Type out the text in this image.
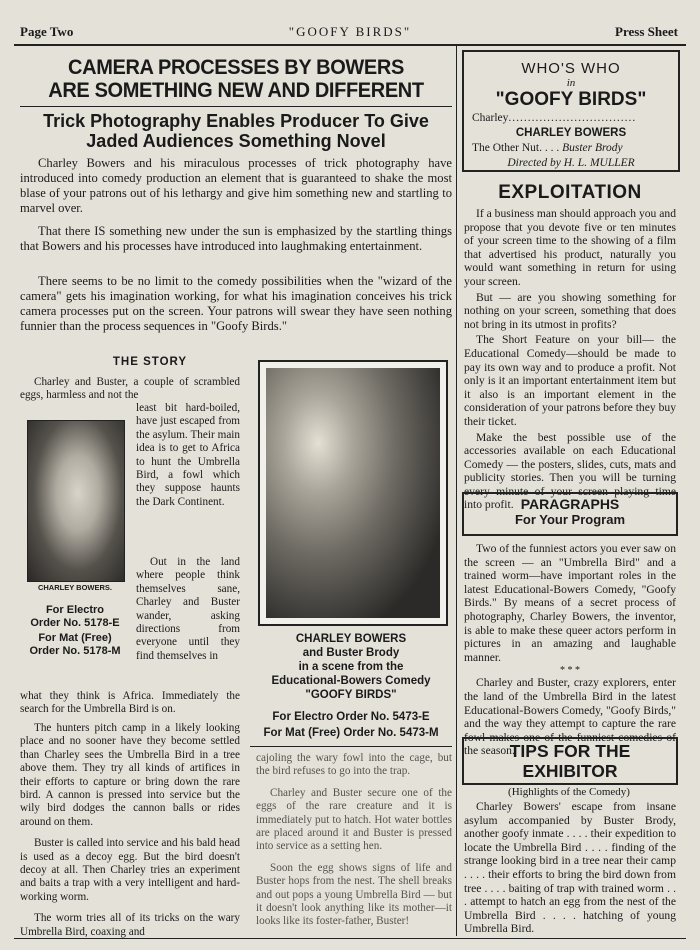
"GOOFY BIRDS"
Page Two	Press Sheet
CAMERA PROCESSES BY BOWERS
ARE SOMETHING NEW AND DIFFERENT
Trick Photography Enables Producer To Give
Jaded Audiences Something Novel
Charley Bowers and his miraculous processes of trick photography have introduced into comedy production an element that is guaranteed to shake the most blase of your patrons out of his lethargy and give him something new and startling to marvel over.
That there IS something new under the sun is emphasized by the startling things that Bowers and his processes have introduced into laughmaking entertainment.
There seems to be no limit to the comedy possibilities when the "wizard of the camera" gets his imagination working, for what his imagination conceives his trick camera processes put on the screen. Your patrons will swear they have seen nothing funnier than the process sequences in "Goofy Birds."
THE STORY
Charley and Buster, a couple of scrambled eggs, harmless and not the
CHARLEY BOWERS.
For Electro
Order No. 5178-E
For Mat (Free)
Order No. 5178-M
least bit hard-boiled, have just escaped from the asylum. Their main idea is to get to Africa to hunt the Umbrella Bird, a fowl which they suppose haunts the Dark Continent.
Out in the land where people think themselves sane, Charley and Buster wander, asking directions from everyone until they find themselves in
what they think is Africa. Immediately the search for the Umbrella Bird is on.

The hunters pitch camp in a likely looking place and no sooner have they become settled than Charley sees the Umbrella Bird in a tree above them. They try all kinds of artifices in their efforts to capture or bring down the rare bird. A cannon is pressed into service but the wily bird dodges the cannon balls or rides around on them.

Buster is called into service and his bald head is used as a decoy egg. But the bird doesn't decoy at all. Then Charley tries an experiment and baits a trap with a very intelligent and hard-working worm.

The worm tries all of its tricks on the wary Umbrella Bird, coaxing and

CHARLEY BOWERS
and Buster Brody
in a scene from the
Educational-Bowers Comedy
"GOOFY BIRDS"
For Electro Order No. 5473-E
For Mat (Free) Order No. 5473-M

cajoling the wary fowl into the cage, but the bird refuses to go into the trap.

Charley and Buster secure one of the eggs of the rare creature and it is immediately put to hatch. Hot water bottles are placed around it and Buster is pressed into service as a setting hen.

Soon the egg shows signs of life and Buster hops from the nest. The shell breaks and out pops a young Umbrella Bird — but it doesn't look anything like its mother—it looks like its foster-father, Buster!

WHO'S WHO
in
"GOOFY BIRDS"
Charley.................................
CHARLEY BOWERS
The Other Nut. . . . Buster Brody
Directed by H. L. MULLER
EXPLOITATION

If a business man should approach you and propose that you devote five or ten minutes of your screen time to the showing of a film that advertised his product, naturally you would want something in return for using your screen.

But — are you showing something for nothing on your screen, something that does not bring in its utmost in profits?

The Short Feature on your bill— the Educational Comedy—should be made to pay its own way and to produce a profit. Not only is it an important entertainment item but it also is an important element in the consideration of your patrons before they buy their ticket.

Make the best possible use of the accessories available on each Educational Comedy — the posters, slides, cuts, mats and publicity stories. Then you will be turning every minute of your screen playing time into profit. PARAGRAPHS
For Your Program

Two of the funniest actors you ever saw on the screen — an "Umbrella Bird" and a trained worm—have important roles in the latest Educational-Bowers Comedy, "Goofy Birds." By means of a secret process of photography, Charley Bowers, the inventor, is able to make these queer actors perform in pictures in an amazing and laughable manner.

* * *

Charley and Buster, crazy explorers, enter the land of the Umbrella Bird in the latest Educational-Bowers Comedy, "Goofy Birds," and the way they attempt to capture the rare fowl makes one of the funniest comedies of the season.

TIPS FOR THE
EXHIBITOR
(Highlights of the Comedy)
Charley Bowers' escape from insane asylum accompanied by Buster Brody, another goofy inmate . . . . their expedition to locate the Umbrella Bird . . . . finding of the strange looking bird in a tree near their camp . . . . their efforts to bring the bird down from tree . . . . baiting of trap with trained worm . . . attempt to hatch an egg from the nest of the Umbrella Bird . . . . hatching of young Umbrella Bird.
